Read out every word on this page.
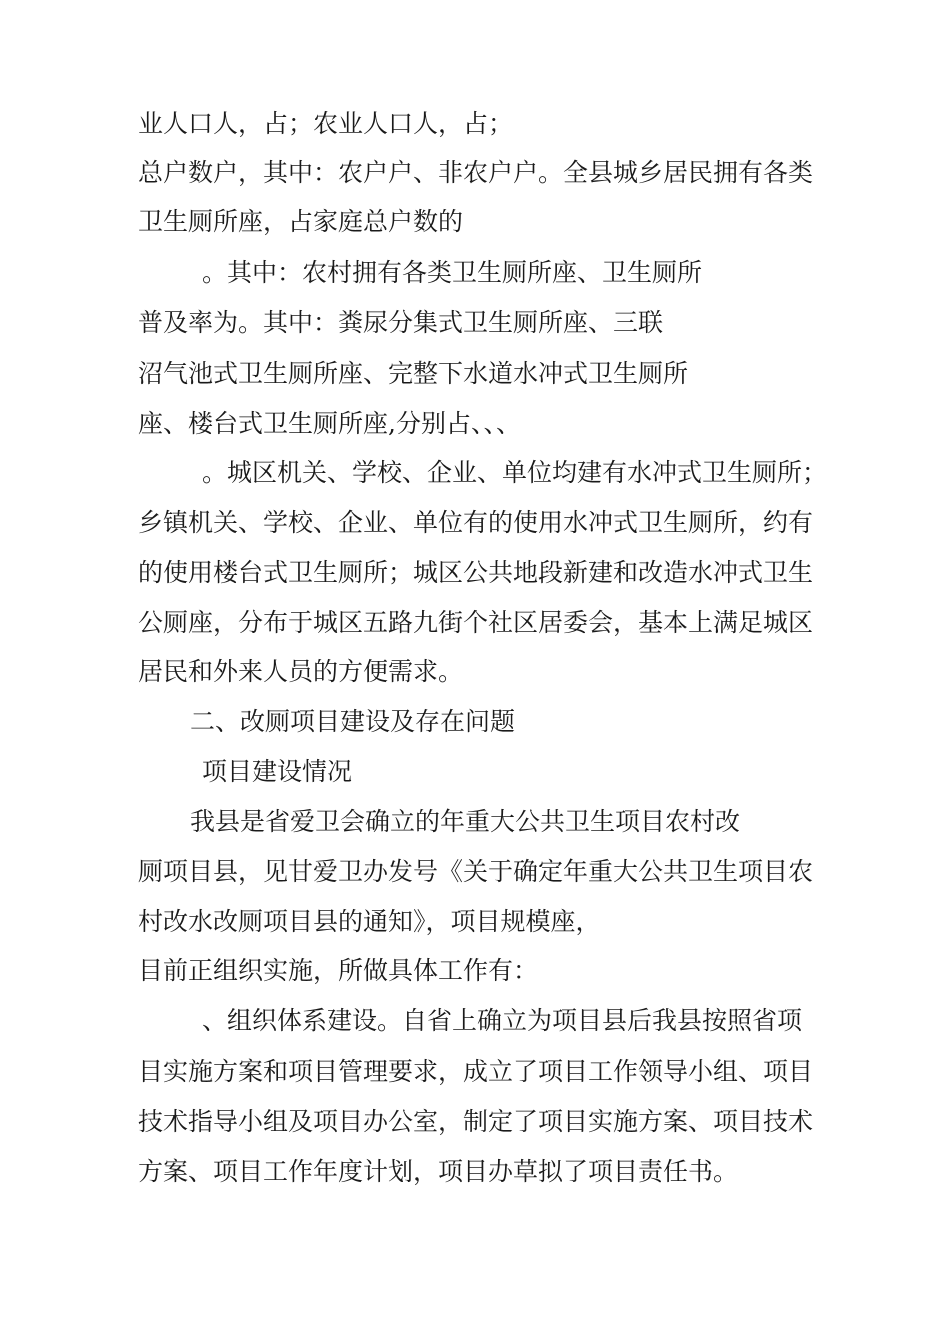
业人口人，占；农业人口人，占；
总户数户，其中：农户户、非农户户。全县城乡居民拥有各类
卫生厕所座，占家庭总户数的
。其中：农村拥有各类卫生厕所座、卫生厕所
普及率为。其中：粪尿分集式卫生厕所座、三联
沼气池式卫生厕所座、完整下水道水冲式卫生厕所
座、楼台式卫生厕所座,分别占、、、
。城区机关、学校、企业、单位均建有水冲式卫生厕所；
乡镇机关、学校、企业、单位有的使用水冲式卫生厕所，约有
的使用楼台式卫生厕所；城区公共地段新建和改造水冲式卫生
公厕座，分布于城区五路九街个社区居委会，基本上满足城区
居民和外来人员的方便需求。
二、改厕项目建设及存在问题
项目建设情况
我县是省爱卫会确立的年重大公共卫生项目农村改
厕项目县，见甘爱卫办发号《关于确定年重大公共卫生项目农
村改水改厕项目县的通知》，项目规模座，
目前正组织实施，所做具体工作有：
、组织体系建设。自省上确立为项目县后我县按照省项
目实施方案和项目管理要求，成立了项目工作领导小组、项目
技术指导小组及项目办公室，制定了项目实施方案、项目技术
方案、项目工作年度计划，项目办草拟了项目责任书。
